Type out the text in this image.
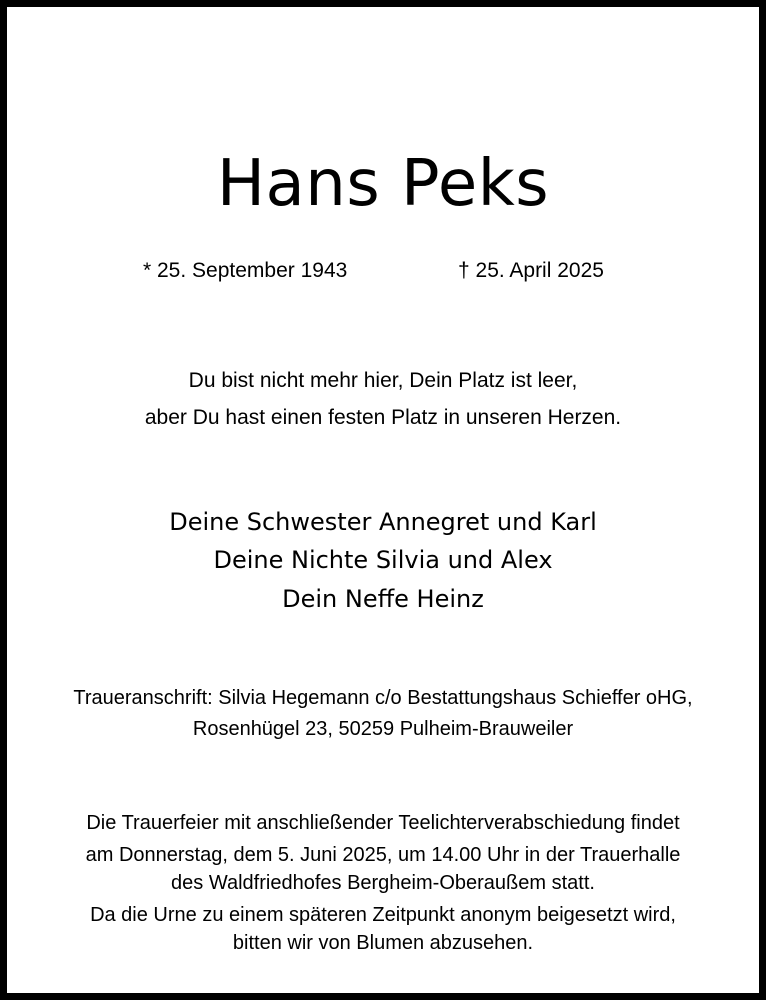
Hans Peks
* 25. September 1943	† 25. April 2025
Du bist nicht mehr hier, Dein Platz ist leer,
aber Du hast einen festen Platz in unseren Herzen.
Deine Schwester Annegret und Karl
Deine Nichte Silvia und Alex
Dein Neffe Heinz
Traueranschrift: Silvia Hegemann c/o Bestattungshaus Schieffer oHG,
Rosenhügel 23, 50259 Pulheim-Brauweiler
Die Trauerfeier mit anschließender Teelichterverabschiedung findet
am Donnerstag, dem 5. Juni 2025, um 14.00 Uhr in der Trauerhalle
des Waldfriedhofes Bergheim-Oberaußem statt.
Da die Urne zu einem späteren Zeitpunkt anonym beigesetzt wird,
bitten wir von Blumen abzusehen.
